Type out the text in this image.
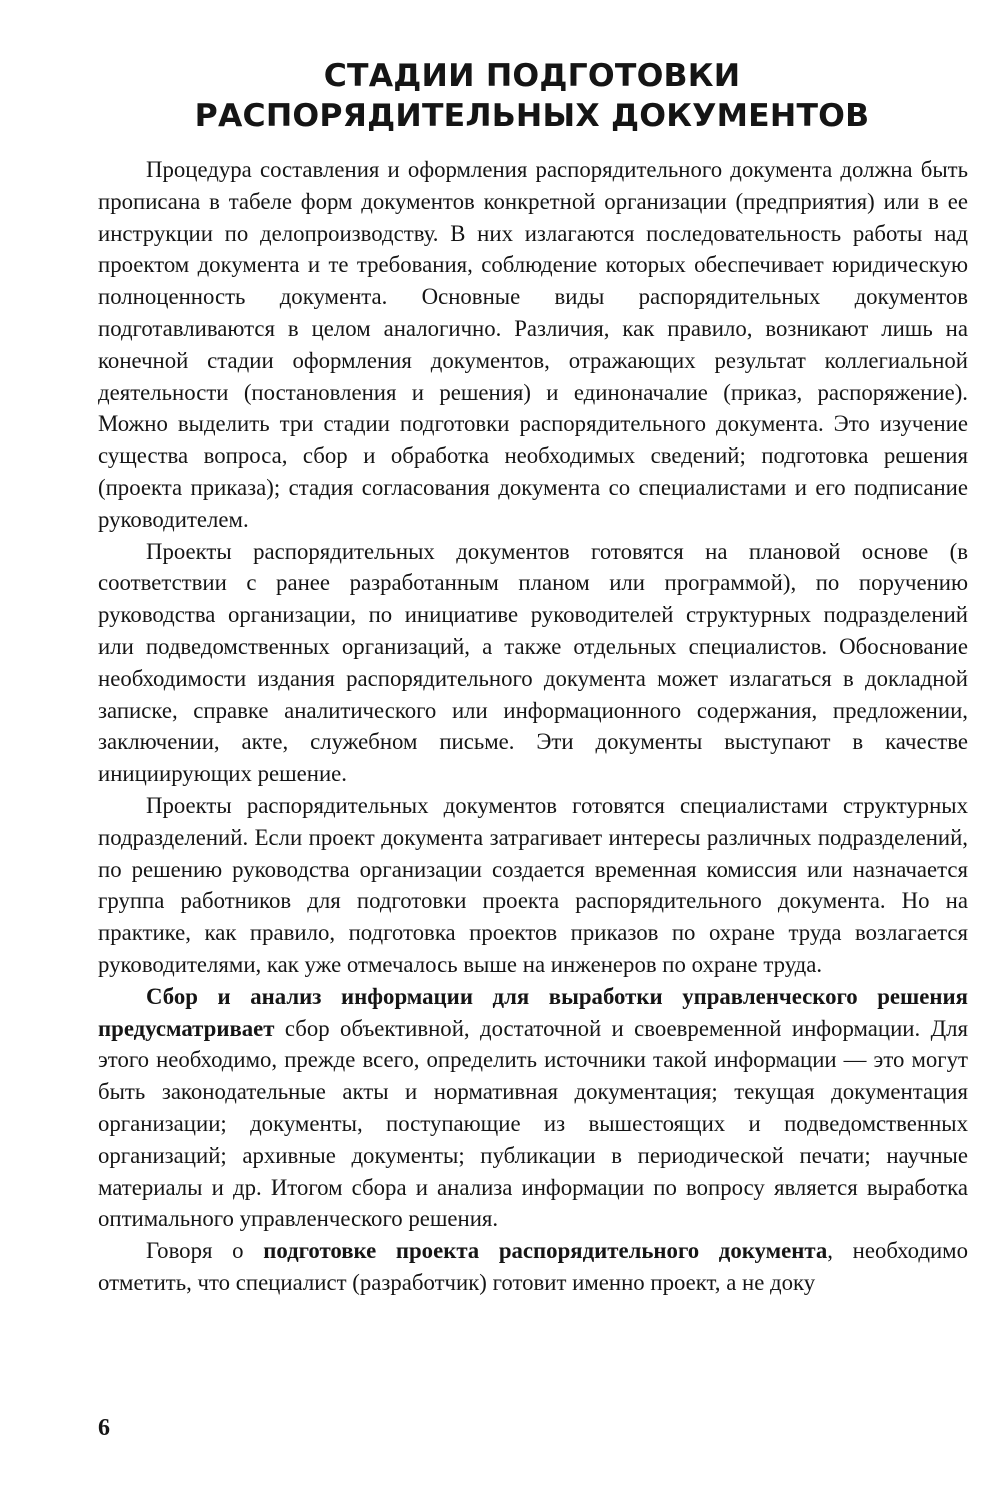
СТАДИИ ПОДГОТОВКИ
РАСПОРЯДИТЕЛЬНЫХ ДОКУМЕНТОВ

Процедура составления и оформления распорядительного документа должна быть прописана в табеле форм документов конкретной организации (предприятия) или в ее инструкции по делопроизводству. В них излагаются последовательность работы над проектом документа и те требования, соблюдение которых обеспечивает юридическую полноценность документа. Основные виды распорядительных документов подготавливаются в целом аналогично. Различия, как правило, возникают лишь на конечной стадии оформления документов, отражающих результат коллегиальной деятельности (постановления и решения) и единоначалие (приказ, распоряжение). Можно выделить три стадии подготовки распорядительного документа. Это изучение существа вопроса, сбор и обработка необходимых сведений; подготовка решения (проекта приказа); стадия согласования документа со специалистами и его подписание руководителем.

Проекты распорядительных документов готовятся на плановой основе (в соответствии с ранее разработанным планом или программой), по поручению руководства организации, по инициативе руководителей структурных подразделений или подведомственных организаций, а также отдельных специалистов. Обоснование необходимости издания распорядительного документа может излагаться в докладной записке, справке аналитического или информационного содержания, предложении, заключении, акте, служебном письме. Эти документы выступают в качестве инициирующих решение.

Проекты распорядительных документов готовятся специалистами структурных подразделений. Если проект документа затрагивает интересы различных подразделений, по решению руководства организации создается временная комиссия или назначается группа работников для подготовки проекта распорядительного документа. Но на практике, как правило, подготовка проектов приказов по охране труда возлагается руководителями, как уже отмечалось выше на инженеров по охране труда.

Сбор и анализ информации для выработки управленческого решения предусматривает сбор объективной, достаточной и своевременной информации. Для этого необходимо, прежде всего, определить источники такой информации — это могут быть законодательные акты и нормативная документация; текущая документация организации; документы, поступающие из вышестоящих и подведомственных организаций; архивные документы; публикации в периодической печати; научные материалы и др. Итогом сбора и анализа информации по вопросу является выработка оптимального управленческого решения.

Говоря о подготовке проекта распорядительного документа, необходимо отметить, что специалист (разработчик) готовит именно проект, а не доку

6
